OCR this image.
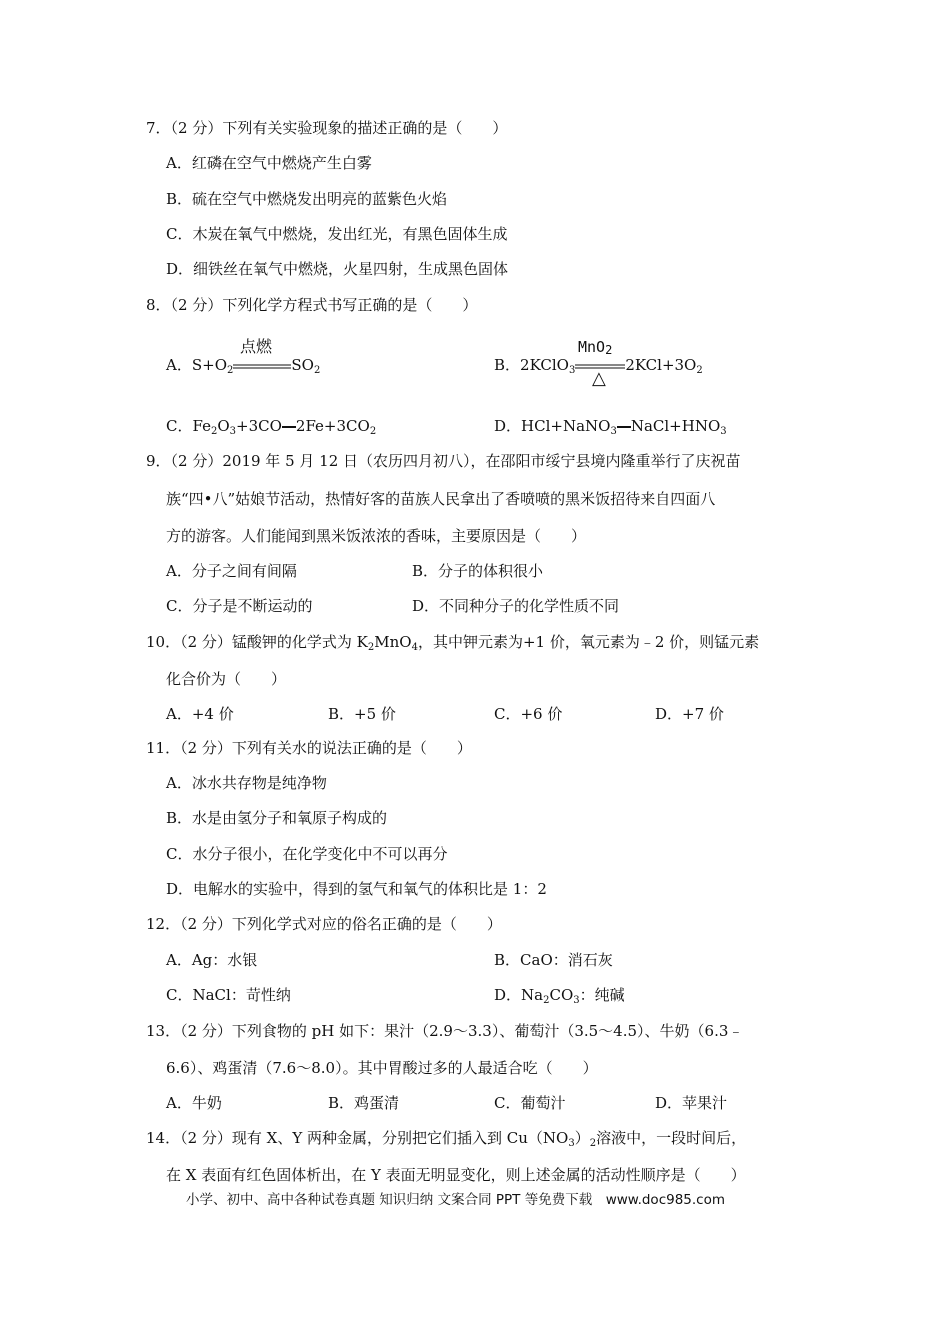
7．（2 分）下列有关实验现象的描述正确的是（　　）
A．红磷在空气中燃烧产生白雾
B．硫在空气中燃烧发出明亮的蓝紫色火焰
C．木炭在氧气中燃烧，发出红光，有黑色固体生成
D．细铁丝在氧气中燃烧，火星四射，生成黑色固体
8．（2 分）下列化学方程式书写正确的是（　　）
A．$S+O_2$	$SO_2$
点燃
B．2KClO$_3$	$2KCl+3O_2$
MnO2
△
C．$Fe_2O_3+3CO$ $2Fe+3CO_2$	D．HCl+NaNO$_3$ $NaCl+HNO_3$
9．（2 分）2019 年 5 月 12 日（农历四月初八），在邵阳市绥宁县境内隆重举行了庆祝苗
族“四•八”姑娘节活动，热情好客的苗族人民拿出了香喷喷的黑米饭招待来自四面八
方的游客。人们能闻到黑米饭浓浓的香味，主要原因是（　　）
A．分子之间有间隔	B．分子的体积很小
C．分子是不断运动的	D．不同种分子的化学性质不同
10．（2 分）锰酸钾的化学式为 $K_2MnO_4$，其中钾元素为+1 价，氧元素为﹣2 价，则锰元素
化合价为（　　）
A．+4 价	B．+5 价	C．+6 价	D．+7 价
11．（2 分）下列有关水的说法正确的是（　　）
A．冰水共存物是纯净物
B．水是由氢分子和氧原子构成的
C．水分子很小，在化学变化中不可以再分
D．电解水的实验中，得到的氢气和氧气的体积比是 1：2
12．（2 分）下列化学式对应的俗名正确的是（　　）
A．Ag：水银	B．CaO：消石灰
C．NaCl：苛性纳	D．$Na_2CO_3$：纯碱
13．（2 分）下列食物的 pH 如下：果汁（2.9～3.3）、葡萄汁（3.5～4.5）、牛奶（6.3﹣
6.6）、鸡蛋清（7.6～8.0）。其中胃酸过多的人最适合吃（　　）
A．牛奶	B．鸡蛋清	C．葡萄汁	D．苹果汁
14．（2 分）现有 X、Y 两种金属，分别把它们插入到 $Cu(NO_3)_2$溶液中，一段时间后，
在 X 表面有红色固体析出，在 Y 表面无明显变化，则上述金属的活动性顺序是（　　）
小学、初中、高中各种试卷真题 知识归纳 文案合同 PPT 等免费下载　www.doc985.com
